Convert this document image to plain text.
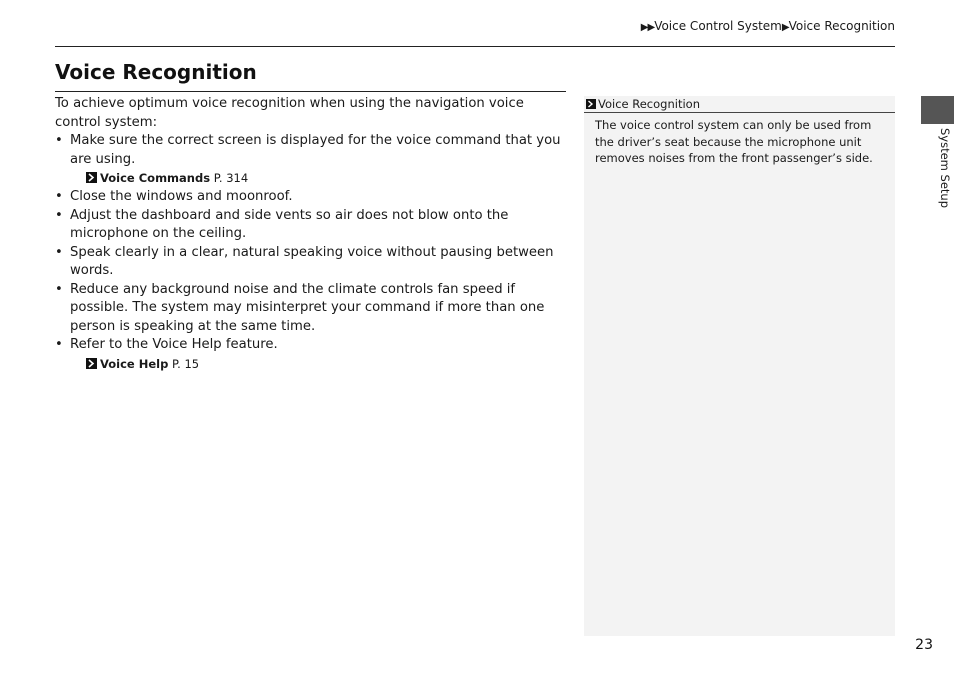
▶▶Voice Control System▶Voice Recognition
Voice Recognition

To achieve optimum voice recognition when using the navigation voice control system:

• Make sure the correct screen is displayed for the voice command that you are using.
Voice Commands P. 314
• Close the windows and moonroof.
• Adjust the dashboard and side vents so air does not blow onto the microphone on the ceiling.
• Speak clearly in a clear, natural speaking voice without pausing between words.
• Reduce any background noise and the climate controls fan speed if possible. The system may misinterpret your command if more than one person is speaking at the same time.
• Refer to the Voice Help feature.
Voice Help P. 15
Voice Recognition
The voice control system can only be used from the driver’s seat because the microphone unit removes noises from the front passenger’s side.	System Setup
23
